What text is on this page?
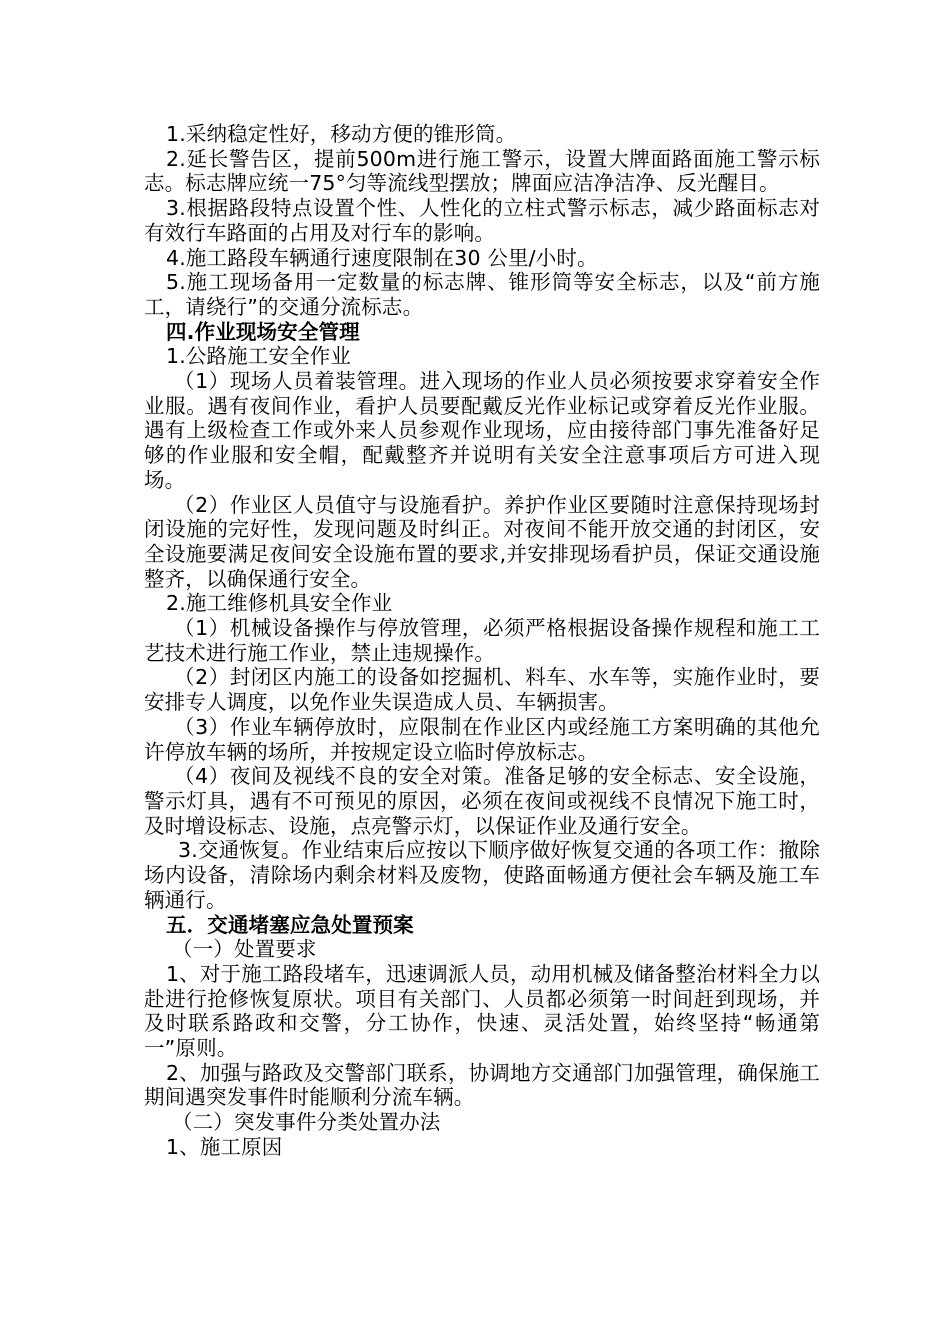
1.采纳稳定性好，移动方便的锥形筒。

2.延长警告区，提前500m进行施工警示，设置大牌面路面施工警示标志。标志牌应统一75°匀等流线型摆放；牌面应洁净洁净、反光醒目。

3.根据路段特点设置个性、人性化的立柱式警示标志，减少路面标志对有效行车路面的占用及对行车的影响。

4.施工路段车辆通行速度限制在30 公里/小时。

5.施工现场备用一定数量的标志牌、锥形筒等安全标志，以及“前方施工，请绕行”的交通分流标志。

四.作业现场安全管理

1.公路施工安全作业

（1）现场人员着装管理。进入现场的作业人员必须按要求穿着安全作业服。遇有夜间作业，看护人员要配戴反光作业标记或穿着反光作业服。遇有上级检查工作或外来人员参观作业现场，应由接待部门事先准备好足够的作业服和安全帽，配戴整齐并说明有关安全注意事项后方可进入现场。

（2）作业区人员值守与设施看护。养护作业区要随时注意保持现场封闭设施的完好性，发现问题及时纠正。对夜间不能开放交通的封闭区，安全设施要满足夜间安全设施布置的要求,并安排现场看护员，保证交通设施整齐，以确保通行安全。

2.施工维修机具安全作业

（1）机械设备操作与停放管理，必须严格根据设备操作规程和施工工艺技术进行施工作业，禁止违规操作。

（2）封闭区内施工的设备如挖掘机、料车、水车等，实施作业时，要安排专人调度，以免作业失误造成人员、车辆损害。

（3）作业车辆停放时，应限制在作业区内或经施工方案明确的其他允许停放车辆的场所，并按规定设立临时停放标志。

（4）夜间及视线不良的安全对策。准备足够的安全标志、安全设施，警示灯具，遇有不可预见的原因，必须在夜间或视线不良情况下施工时，及时增设标志、设施，点亮警示灯，以保证作业及通行安全。

3.交通恢复。作业结束后应按以下顺序做好恢复交通的各项工作：撤除场内设备，清除场内剩余材料及废物，使路面畅通方便社会车辆及施工车辆通行。

五．交通堵塞应急处置预案

（一）处置要求

1、对于施工路段堵车，迅速调派人员，动用机械及储备整治材料全力以赴进行抢修恢复原状。项目有关部门、人员都必须第一时间赶到现场，并及时联系路政和交警，分工协作，快速、灵活处置，始终坚持“畅通第一”原则。

2、加强与路政及交警部门联系，协调地方交通部门加强管理，确保施工期间遇突发事件时能顺利分流车辆。

（二）突发事件分类处置办法

1、施工原因
